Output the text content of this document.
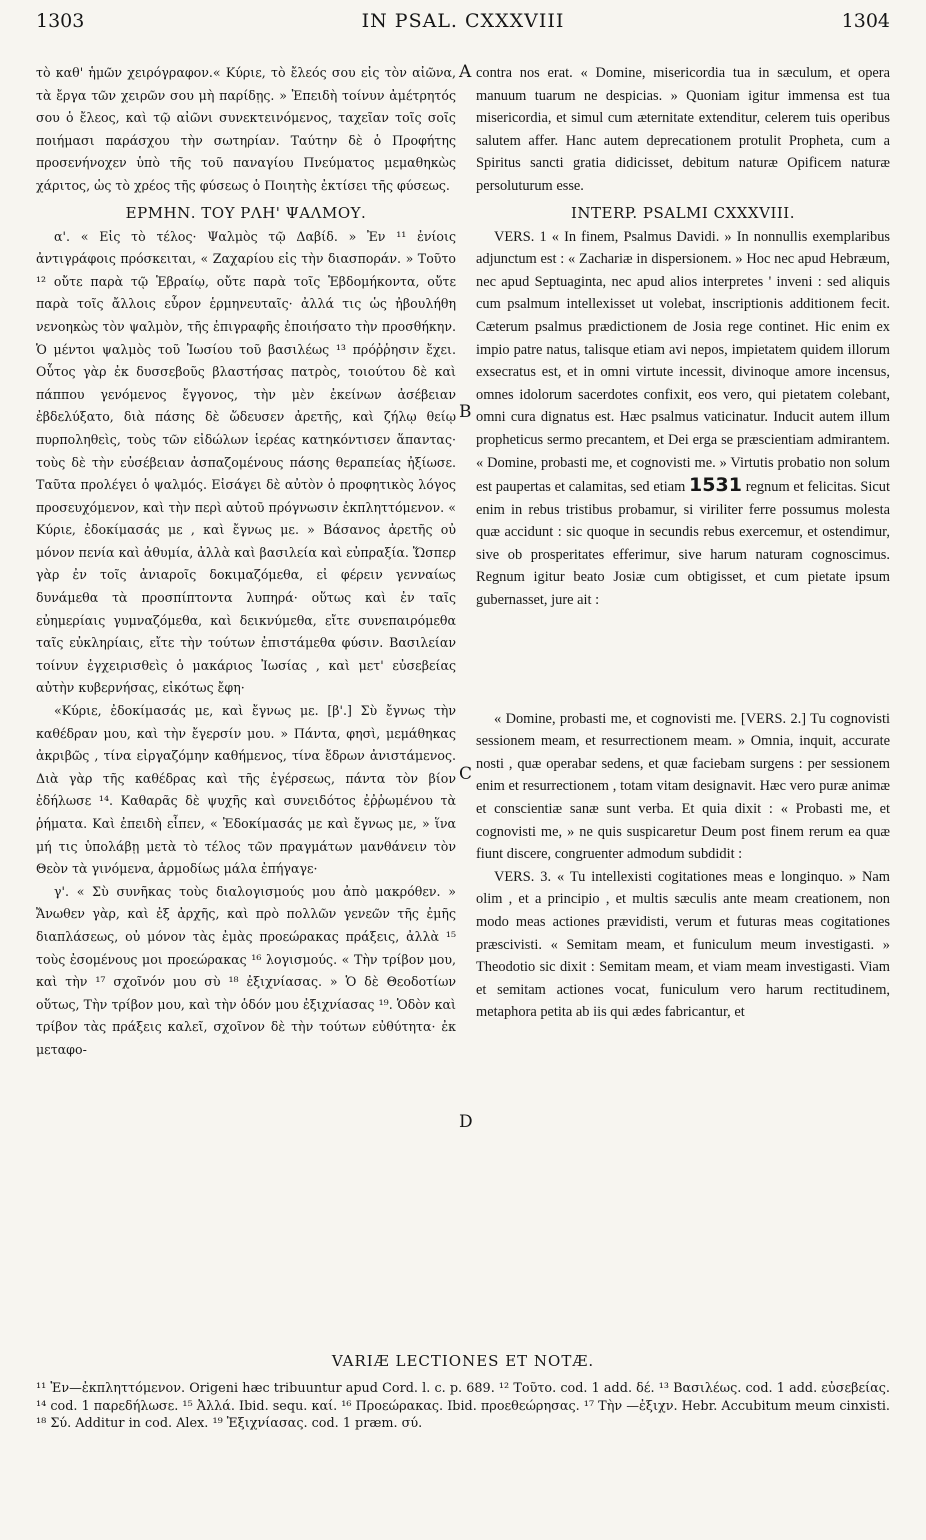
1303	IN PSAL. CXXXVIII	1304
A
B
C
D

τὸ καθ' ἡμῶν χειρόγραφον.« Κύριε, τὸ ἔλεός σου εἰς τὸν αἰῶνα, τὰ ἔργα τῶν χειρῶν σου μὴ παρίδῃς. » Ἐπειδὴ τοίνυν ἀμέτρητός σου ὁ ἔλεος, καὶ τῷ αἰῶνι συνεκτεινόμενος, ταχεῖαν τοῖς σοῖς ποιήμασι παράσχου τὴν σωτηρίαν. Ταύτην δὲ ὁ Προφήτης προσενήνοχεν ὑπὸ τῆς τοῦ παναγίου Πνεύματος μεμαθηκὼς χάριτος, ὡς τὸ χρέος τῆς φύσεως ὁ Ποιητὴς ἐκτίσει τῆς φύσεως.

ΕΡΜΗΝ. ΤΟΥ ΡΛΗ' ΨΑΛΜΟΥ.

α'. « Εἰς τὸ τέλος· Ψαλμὸς τῷ Δαβίδ. » Ἐν ¹¹ ἐνίοις ἀντιγράφοις πρόσκειται, « Ζαχαρίου εἰς τὴν διασποράν. » Τοῦτο ¹² οὔτε παρὰ τῷ Ἑβραίῳ, οὔτε παρὰ τοῖς Ἑβδομήκοντα, οὔτε παρὰ τοῖς ἄλλοις εὗρον ἑρμηνευταῖς· ἀλλά τις ὡς ἠβουλήθη νενοηκὼς τὸν ψαλμὸν, τῆς ἐπιγραφῆς ἐποιήσατο τὴν προσθήκην. Ὁ μέντοι ψαλμὸς τοῦ Ἰωσίου τοῦ βασιλέως ¹³ πρόῤῥησιν ἔχει. Οὗτος γὰρ ἐκ δυσσεβοῦς βλαστήσας πατρὸς, τοιούτου δὲ καὶ πάππου γενόμενος ἔγγονος, τὴν μὲν ἐκείνων ἀσέβειαν ἐβδελύξατο, διὰ πάσης δὲ ὥδευσεν ἀρετῆς, καὶ ζήλῳ θείῳ πυρποληθεὶς, τοὺς τῶν εἰδώλων ἱερέας κατηκόντισεν ἅπαντας· τοὺς δὲ τὴν εὐσέβειαν ἀσπαζομένους πάσης θεραπείας ἠξίωσε. Ταῦτα προλέγει ὁ ψαλμός. Εἰσάγει δὲ αὐτὸν ὁ προφητικὸς λόγος προσευχόμενον, καὶ τὴν περὶ αὐτοῦ πρόγνωσιν ἐκπληττόμενον. « Κύριε, ἐδοκίμασάς με , καὶ ἔγνως με. » Βάσανος ἀρετῆς οὐ μόνον πενία καὶ ἀθυμία, ἀλλὰ καὶ βασιλεία καὶ εὐπραξία. Ὥσπερ γὰρ ἐν τοῖς ἀνιαροῖς δοκιμαζόμεθα, εἰ φέρειν γενναίως δυνάμεθα τὰ προσπίπτοντα λυπηρά· οὕτως καὶ ἐν ταῖς εὐημερίαις γυμναζόμεθα, καὶ δεικνύμεθα, εἴτε συνεπαιρόμεθα ταῖς εὐκληρίαις, εἴτε τὴν τούτων ἐπιστάμεθα φύσιν. Βασιλείαν τοίνυν ἐγχειρισθεὶς ὁ μακάριος Ἰωσίας , καὶ μετ' εὐσεβείας αὐτὴν κυβερνήσας, εἰκότως ἔφη·

«Κύριε, ἐδοκίμασάς με, καὶ ἔγνως με. [β'.] Σὺ ἔγνως τὴν καθέδραν μου, καὶ τὴν ἔγερσίν μου. » Πάντα, φησὶ, μεμάθηκας ἀκριβῶς , τίνα εἰργαζόμην καθήμενος, τίνα ἔδρων ἀνιστάμενος. Διὰ γὰρ τῆς καθέδρας καὶ τῆς ἐγέρσεως, πάντα τὸν βίον ἐδήλωσε ¹⁴. Καθαρᾶς δὲ ψυχῆς καὶ συνειδότος ἐῤῥωμένου τὰ ῥήματα. Καὶ ἐπειδὴ εἶπεν, « Ἐδοκίμασάς με καὶ ἔγνως με, » ἵνα μή τις ὑπολάβῃ μετὰ τὸ τέλος τῶν πραγμάτων μανθάνειν τὸν Θεὸν τὰ γινόμενα, ἁρμοδίως μάλα ἐπήγαγε·

γ'. « Σὺ συνῆκας τοὺς διαλογισμούς μου ἀπὸ μακρόθεν. » Ἄνωθεν γὰρ, καὶ ἐξ ἀρχῆς, καὶ πρὸ πολλῶν γενεῶν τῆς ἐμῆς διαπλάσεως, οὐ μόνον τὰς ἐμὰς προεώρακας πράξεις, ἀλλὰ ¹⁵ τοὺς ἐσομένους μοι προεώρακας ¹⁶ λογισμούς. « Τὴν τρίβον μου, καὶ τὴν ¹⁷ σχοῖνόν μου σὺ ¹⁸ ἐξιχνίασας. » Ὁ δὲ Θεοδοτίων οὕτως, Τὴν τρίβον μου, καὶ τὴν ὁδόν μου ἐξιχνίασας ¹⁹. Ὁδὸν καὶ τρίβον τὰς πράξεις καλεῖ, σχοῖνον δὲ τὴν τούτων εὐθύτητα· ἐκ μεταφο-

contra nos erat. « Domine, misericordia tua in sæculum, et opera manuum tuarum ne despicias. » Quoniam igitur immensa est tua misericordia, et simul cum æternitate extenditur, celerem tuis operibus salutem affer. Hanc autem deprecationem protulit Propheta, cum a Spiritus sancti gratia didicisset, debitum naturæ Opificem naturæ persoluturum esse.

INTERP. PSALMI CXXXVIII.

VERS. 1 « In finem, Psalmus Davidi. » In nonnullis exemplaribus adjunctum est : « Zachariæ in dispersionem. » Hoc nec apud Hebræum, nec apud Septuaginta, nec apud alios interpretes ' inveni : sed aliquis cum psalmum intellexisset ut volebat, inscriptionis additionem fecit. Cæterum psalmus prædictionem de Josia rege continet. Hic enim ex impio patre natus, talisque etiam avi nepos, impietatem quidem illorum exsecratus est, et in omni virtute incessit, divinoque amore incensus, omnes idolorum sacerdotes confixit, eos vero, qui pietatem colebant, omni cura dignatus est. Hæc psalmus vaticinatur. Inducit autem illum propheticus sermo precantem, et Dei erga se præscientiam admirantem. « Domine, probasti me, et cognovisti me. » Virtutis probatio non solum est paupertas et calamitas, sed etiam 1531 regnum et felicitas. Sicut enim in rebus tristibus probamur, si viriliter ferre possumus molesta quæ accidunt : sic quoque in secundis rebus exercemur, et ostendimur, sive ob prosperitates efferimur, sive harum naturam cognoscimus. Regnum igitur beato Josiæ cum obtigisset, et cum pietate ipsum gubernasset, jure ait :

« Domine, probasti me, et cognovisti me. [VERS. 2.] Tu cognovisti sessionem meam, et resurrectionem meam. » Omnia, inquit, accurate nosti , quæ operabar sedens, et quæ faciebam surgens : per sessionem enim et resurrectionem , totam vitam designavit. Hæc vero puræ animæ et conscientiæ sanæ sunt verba. Et quia dixit : « Probasti me, et cognovisti me, » ne quis suspicaretur Deum post finem rerum ea quæ fiunt discere, congruenter admodum subdidit :

VERS. 3. « Tu intellexisti cogitationes meas e longinquo. » Nam olim , et a principio , et multis sæculis ante meam creationem, non modo meas actiones prævidisti, verum et futuras meas cogitationes præscivisti. « Semitam meam, et funiculum meum investigasti. » Theodotio sic dixit : Semitam meam, et viam meam investigasti. Viam et semitam actiones vocat, funiculum vero harum rectitudinem, metaphora petita ab iis qui ædes fabricantur, et

VARIÆ LECTIONES ET NOTÆ.

¹¹ Ἐν—ἐκπληττόμενον. Origeni hæc tribuuntur apud Cord. l. c. p. 689. ¹² Τοῦτο. cod. 1 add. δέ. ¹³ Βασιλέως. cod. 1 add. εὐσεβείας. ¹⁴ cod. 1 παρεδήλωσε. ¹⁵ Ἀλλά. Ibid. sequ. καί. ¹⁶ Προεώρακας. Ibid. προεθεώρησας. ¹⁷ Τὴν —ἐξιχν. Hebr. Accubitum meum cinxisti. ¹⁸ Σύ. Additur in cod. Alex. ¹⁹ Ἐξιχνίασας. cod. 1 præm. σύ.
